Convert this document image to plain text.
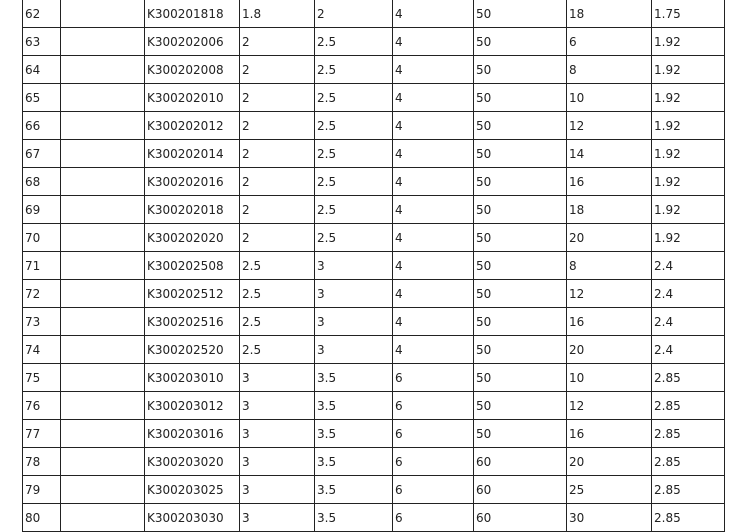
62		K300201818	1.8	2	4	50	18	1.75
63		K300202006	2	2.5	4	50	6	1.92
64		K300202008	2	2.5	4	50	8	1.92
65		K300202010	2	2.5	4	50	10	1.92
66		K300202012	2	2.5	4	50	12	1.92
67		K300202014	2	2.5	4	50	14	1.92
68		K300202016	2	2.5	4	50	16	1.92
69		K300202018	2	2.5	4	50	18	1.92
70		K300202020	2	2.5	4	50	20	1.92
71		K300202508	2.5	3	4	50	8	2.4
72		K300202512	2.5	3	4	50	12	2.4
73		K300202516	2.5	3	4	50	16	2.4
74		K300202520	2.5	3	4	50	20	2.4
75		K300203010	3	3.5	6	50	10	2.85
76		K300203012	3	3.5	6	50	12	2.85
77		K300203016	3	3.5	6	50	16	2.85
78		K300203020	3	3.5	6	60	20	2.85
79		K300203025	3	3.5	6	60	25	2.85
80		K300203030	3	3.5	6	60	30	2.85
